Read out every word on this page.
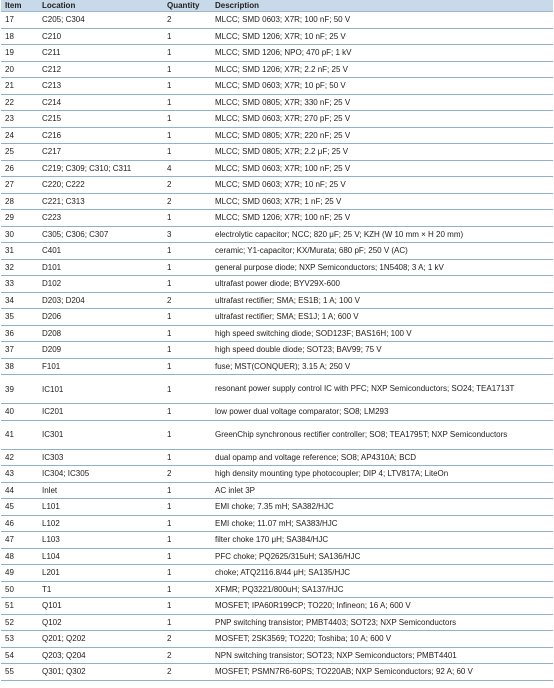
Item	Location	Quantity	Description
17	C205; C304	2	MLCC; SMD 0603; X7R; 100 nF; 50 V
18	C210	1	MLCC; SMD 1206; X7R; 10 nF; 25 V
19	C211	1	MLCC; SMD 1206; NPO; 470 pF; 1 kV
20	C212	1	MLCC; SMD 1206; X7R; 2.2 nF; 25 V
21	C213	1	MLCC; SMD 0603; X7R; 10 pF; 50 V
22	C214	1	MLCC; SMD 0805; X7R; 330 nF; 25 V
23	C215	1	MLCC; SMD 0603; X7R; 270 pF; 25 V
24	C216	1	MLCC; SMD 0805; X7R; 220 nF; 25 V
25	C217	1	MLCC; SMD 0805; X7R; 2.2 μF; 25 V
26	C219; C309; C310; C311	4	MLCC; SMD 0603; X7R; 100 nF; 25 V
27	C220; C222	2	MLCC; SMD 0603; X7R; 10 nF; 25 V
28	C221; C313	2	MLCC; SMD 0603; X7R; 1 nF; 25 V
29	C223	1	MLCC; SMD 1206; X7R; 100 nF; 25 V
30	C305; C306; C307	3	electrolytic capacitor; NCC; 820 μF; 25 V; KZH (W 10 mm × H 20 mm)
31	C401	1	ceramic; Y1-capacitor; KX/Murata; 680 pF; 250 V (AC)
32	D101	1	general purpose diode; NXP Semiconductors; 1N5408; 3 A; 1 kV
33	D102	1	ultrafast power diode; BYV29X-600
34	D203; D204	2	ultrafast rectifier; SMA; ES1B; 1 A; 100 V
35	D206	1	ultrafast rectifier; SMA; ES1J; 1 A; 600 V
36	D208	1	high speed switching diode; SOD123F; BAS16H; 100 V
37	D209	1	high speed double diode; SOT23; BAV99; 75 V
38	F101	1	fuse; MST(CONQUER); 3.15 A; 250 V
39	IC101	1	resonant power supply control IC with PFC; NXP Semiconductors; SO24; TEA1713T
40	IC201	1	low power dual voltage comparator; SO8; LM293
41	IC301	1	GreenChip synchronous rectifier controller; SO8; TEA1795T; NXP Semiconductors
42	IC303	1	dual opamp and voltage reference; SO8; AP4310A; BCD
43	IC304; IC305	2	high density mounting type photocoupler; DIP 4; LTV817A; LiteOn
44	Inlet	1	AC inlet 3P
45	L101	1	EMI choke; 7.35 mH; SA382/HJC
46	L102	1	EMI choke; 11.07 mH; SA383/HJC
47	L103	1	filter choke 170 μH; SA384/HJC
48	L104	1	PFC choke; PQ2625/315uH; SA136/HJC
49	L201	1	choke; ATQ2116.8/44 μH; SA135/HJC
50	T1	1	XFMR; PQ3221/800uH; SA137/HJC
51	Q101	1	MOSFET; IPA60R199CP; TO220; Infineon; 16 A; 600 V
52	Q102	1	PNP switching transistor; PMBT4403; SOT23; NXP Semiconductors
53	Q201; Q202	2	MOSFET; 2SK3569; TO220; Toshiba; 10 A; 600 V
54	Q203; Q204	2	NPN switching transistor; SOT23; NXP Semiconductors; PMBT4401
55	Q301; Q302	2	MOSFET; PSMN7R6-60PS; TO220AB; NXP Semiconductors; 92 A; 60 V
